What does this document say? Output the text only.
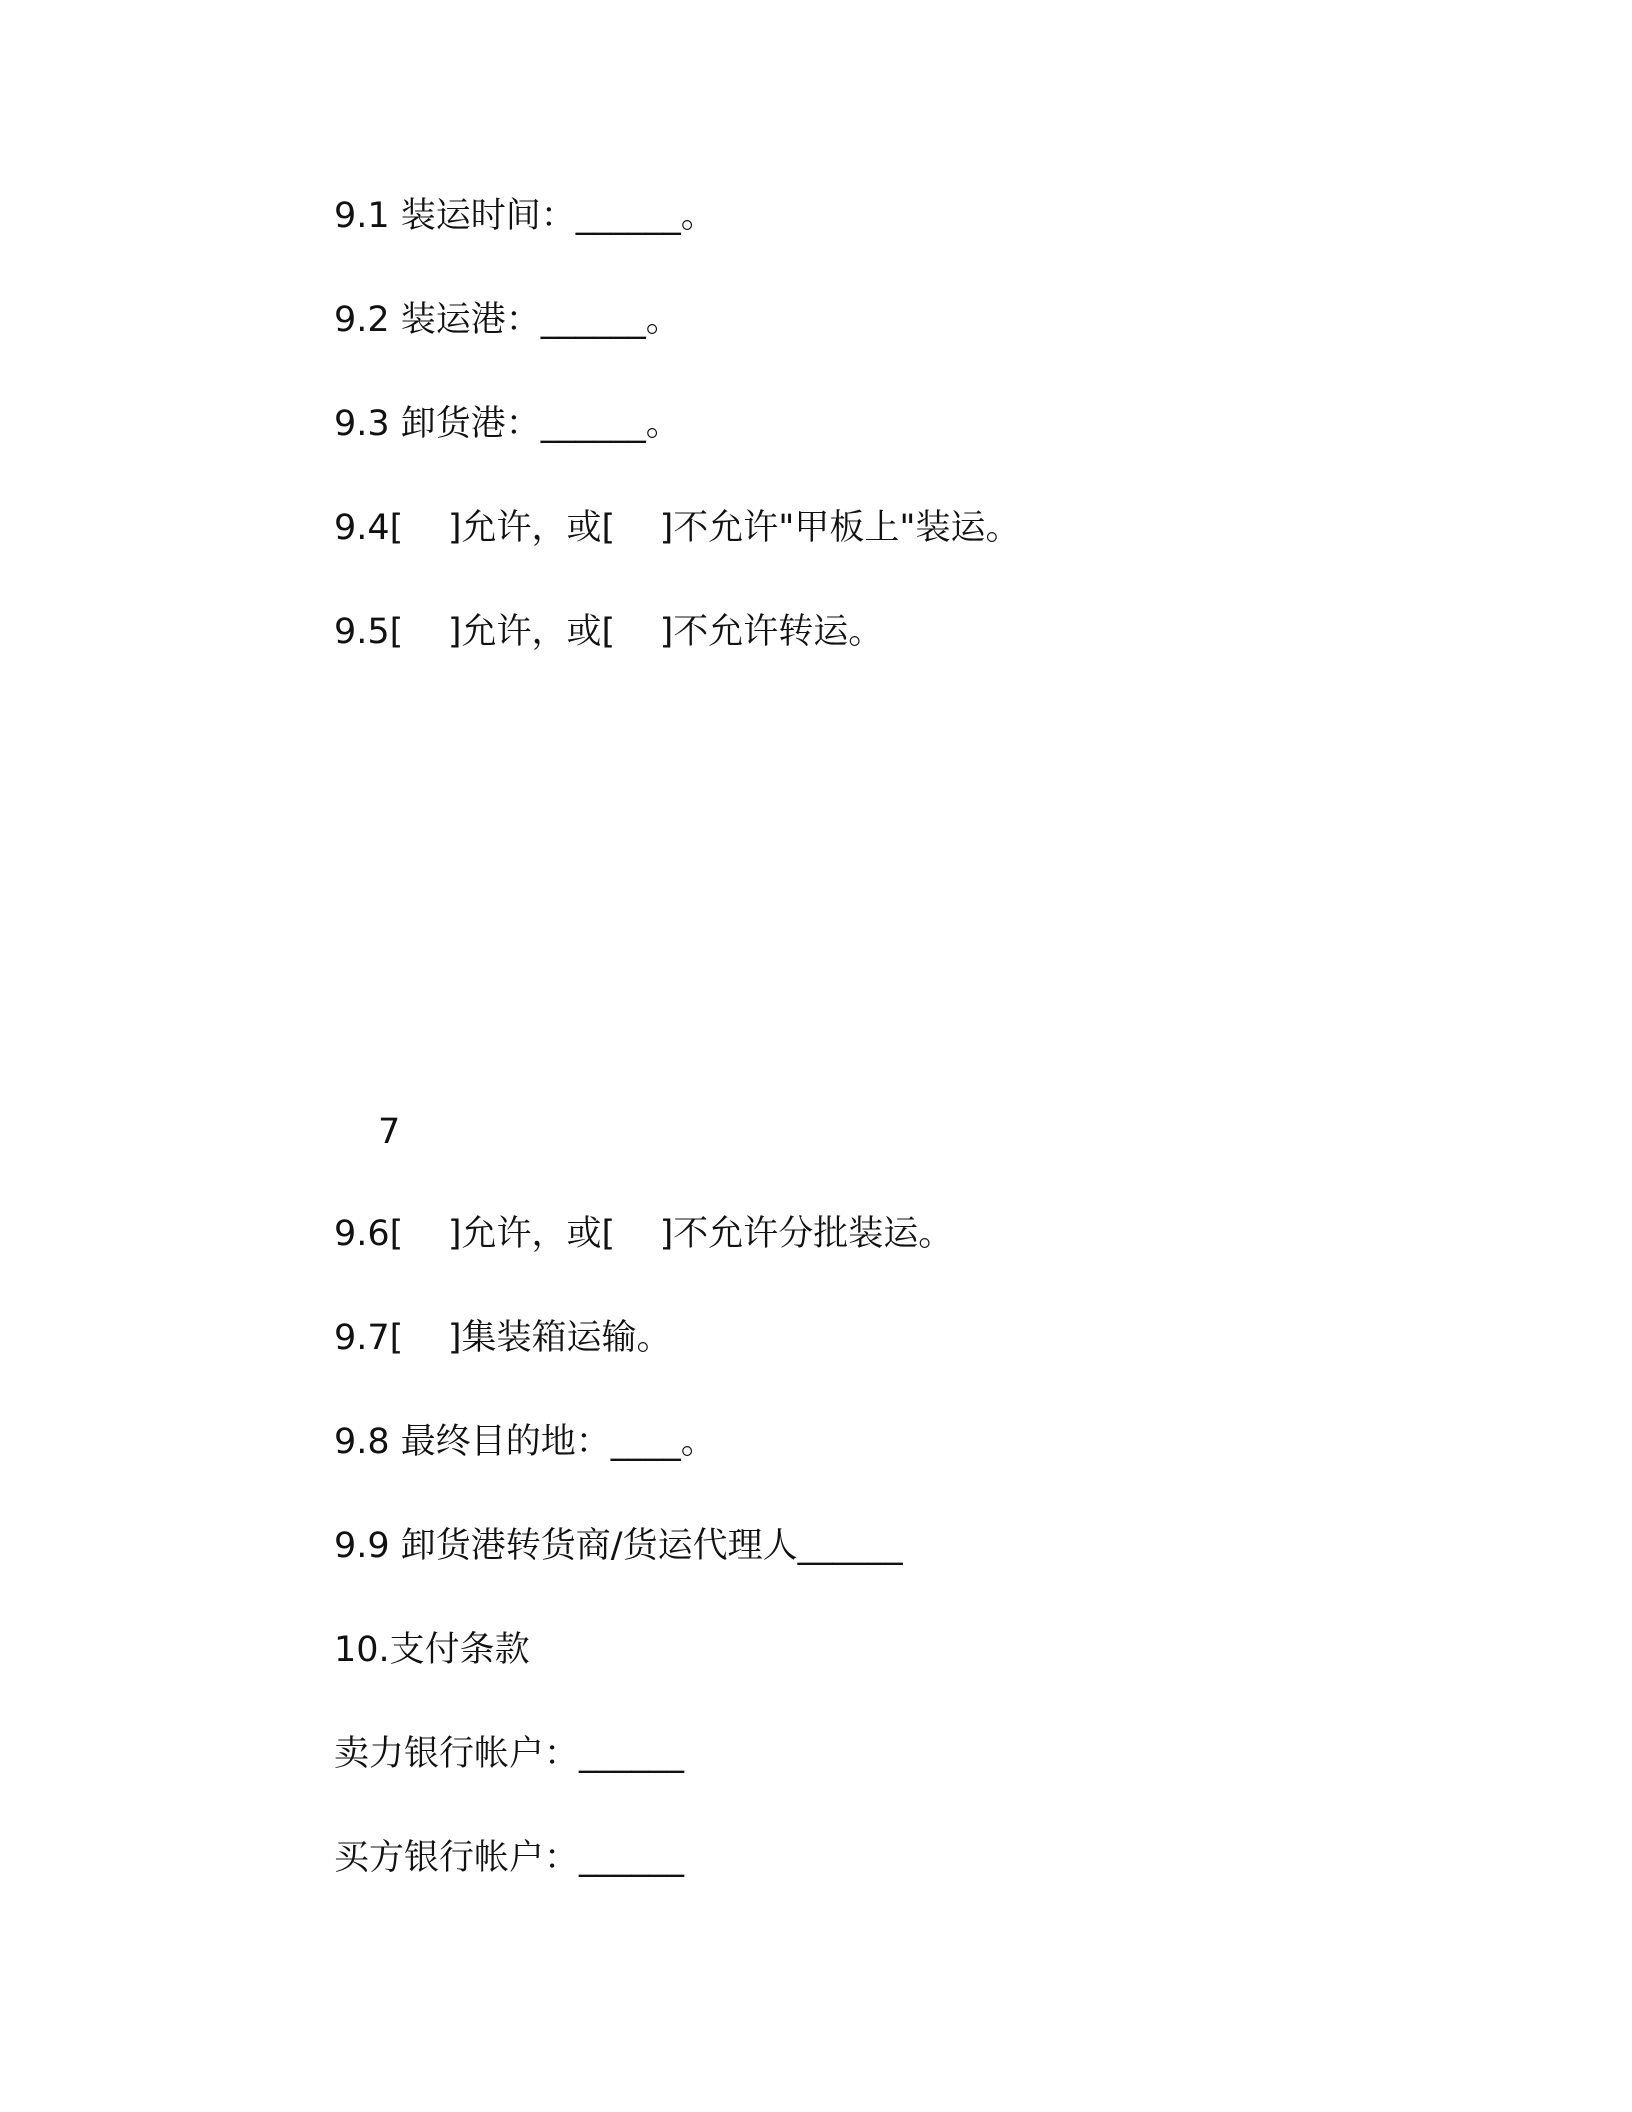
9.1 装运时间：______。
9.2 装运港：______。
9.3 卸货港：______。
9.4[    ]允许，或[    ]不允许"甲板上"装运。
9.5[    ]允许，或[    ]不允许转运。
7
9.6[    ]允许，或[    ]不允许分批装运。
9.7[    ]集装箱运输。
9.8 最终目的地：____。
9.9 卸货港转货商/货运代理人______
10.支付条款
卖力银行帐户：______
买方银行帐户：______
